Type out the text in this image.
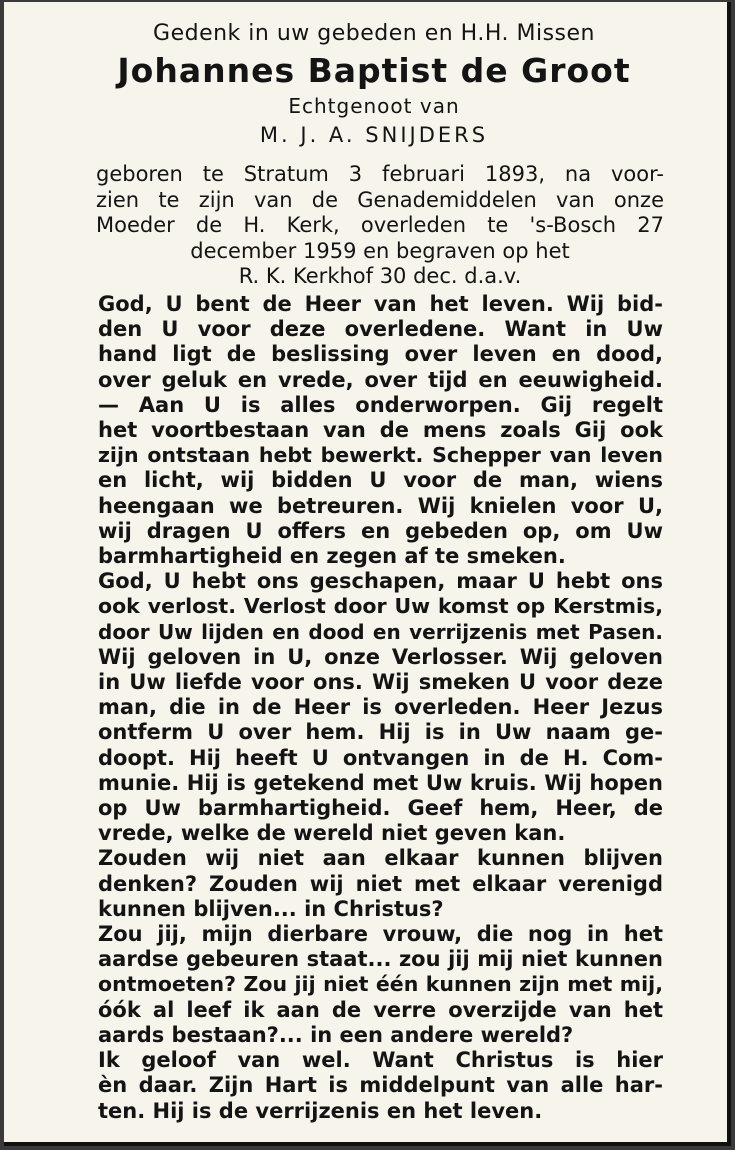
Gedenk in uw gebeden en H.H. Missen
Johannes Baptist de Groot
Echtgenoot van
M. J. A. SNIJDERS
geboren te Stratum 3 februari 1893, na voor-
zien te zijn van de Genademiddelen van onze
Moeder de H. Kerk, overleden te 's-Bosch 27
december 1959 en begraven op het
R. K. Kerkhof 30 dec. d.a.v.
God, U bent de Heer van het leven. Wij bid-
den U voor deze overledene. Want in Uw
hand ligt de beslissing over leven en dood,
over geluk en vrede, over tijd en eeuwigheid.
— Aan U is alles onderworpen. Gij regelt
het voortbestaan van de mens zoals Gij ook
zijn ontstaan hebt bewerkt. Schepper van leven
en licht, wij bidden U voor de man, wiens
heengaan we betreuren. Wij knielen voor U,
wij dragen U offers en gebeden op, om Uw
barmhartigheid en zegen af te smeken.
God, U hebt ons geschapen, maar U hebt ons
ook verlost. Verlost door Uw komst op Kerstmis,
door Uw lijden en dood en verrijzenis met Pasen.
Wij geloven in U, onze Verlosser. Wij geloven
in Uw liefde voor ons. Wij smeken U voor deze
man, die in de Heer is overleden. Heer Jezus
ontferm U over hem. Hij is in Uw naam ge-
doopt. Hij heeft U ontvangen in de H. Com-
munie. Hij is getekend met Uw kruis. Wij hopen
op Uw barmhartigheid. Geef hem, Heer, de
vrede, welke de wereld niet geven kan.
Zouden wij niet aan elkaar kunnen blijven
denken? Zouden wij niet met elkaar verenigd
kunnen blijven... in Christus?
Zou jij, mijn dierbare vrouw, die nog in het
aardse gebeuren staat... zou jij mij niet kunnen
ontmoeten? Zou jij niet één kunnen zijn met mij,
óók al leef ik aan de verre overzijde van het
aards bestaan?... in een andere wereld?
Ik geloof van wel. Want Christus is hier
èn daar. Zijn Hart is middelpunt van alle har-
ten. Hij is de verrijzenis en het leven.
